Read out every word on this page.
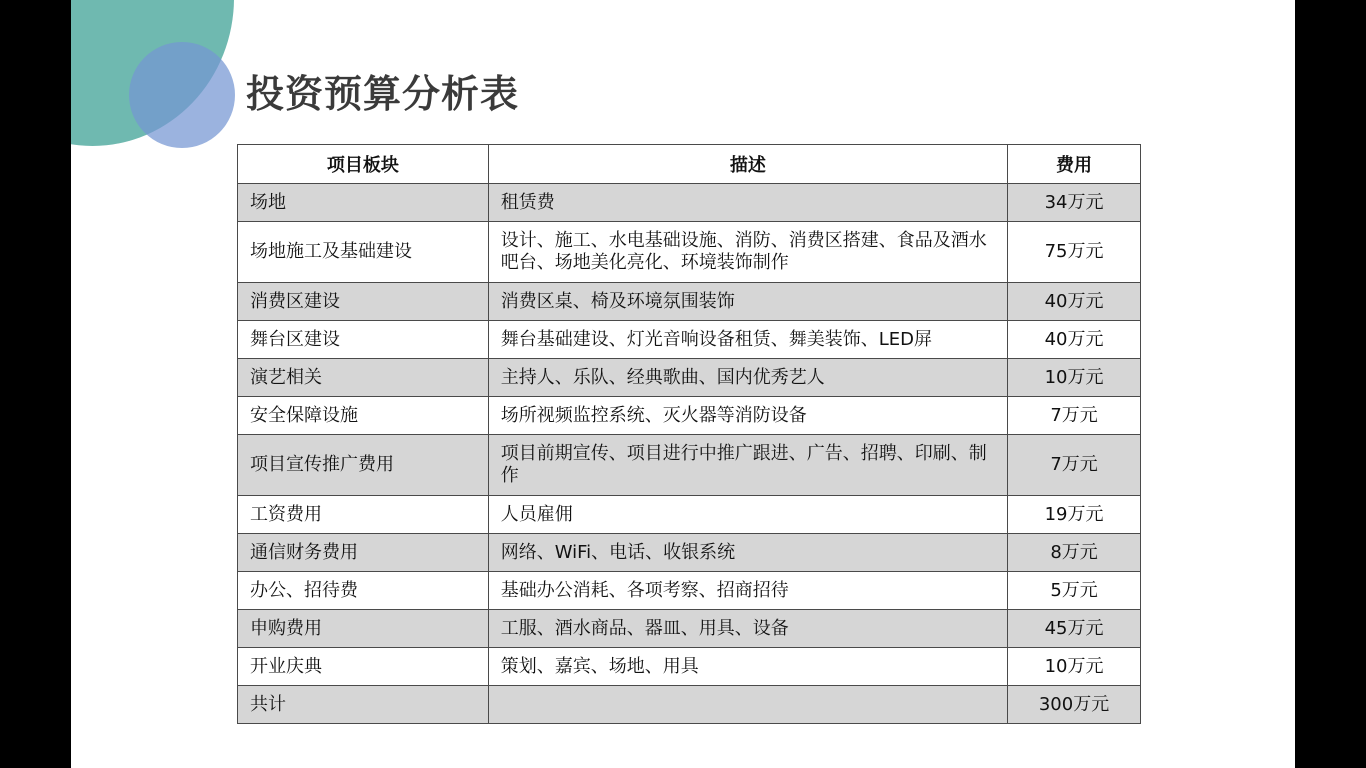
投资预算分析表
项目板块	描述	费用
场地	租赁费	34万元
场地施工及基础建设	设计、施工、水电基础设施、消防、消费区搭建、食品及酒水吧台、场地美化亮化、环境装饰制作	75万元
消费区建设	消费区桌、椅及环境氛围装饰	40万元
舞台区建设	舞台基础建设、灯光音响设备租赁、舞美装饰、LED屏	40万元
演艺相关	主持人、乐队、经典歌曲、国内优秀艺人	10万元
安全保障设施	场所视频监控系统、灭火器等消防设备	7万元
项目宣传推广费用	项目前期宣传、项目进行中推广跟进、广告、招聘、印刷、制作	7万元
工资费用	人员雇佣	19万元
通信财务费用	网络、WiFi、电话、收银系统	8万元
办公、招待费	基础办公消耗、各项考察、招商招待	5万元
申购费用	工服、酒水商品、器皿、用具、设备	45万元
开业庆典	策划、嘉宾、场地、用具	10万元
共计		300万元
